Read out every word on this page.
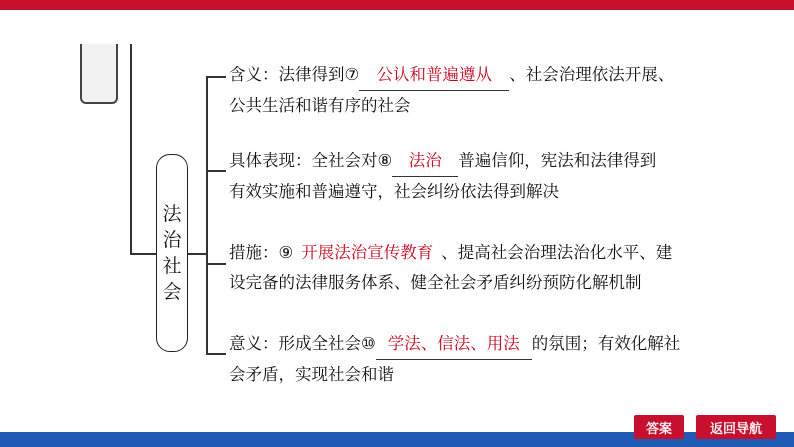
法治社会
含义：法律得到⑦ 公认和普遍遵从 、社会治理依法开展、
公共生活和谐有序的社会
具体表现：全社会对⑧ 法治 普遍信仰，宪法和法律得到
有效实施和普遍遵守，社会纠纷依法得到解决
措施：⑨ 开展法治宣传教育 、提高社会治理法治化水平、建
设完备的法律服务体系、健全社会矛盾纠纷预防化解机制
意义：形成全社会⑩ 学法、信法、用法 的氛围；有效化解社
会矛盾，实现社会和谐
答案	返回导航
